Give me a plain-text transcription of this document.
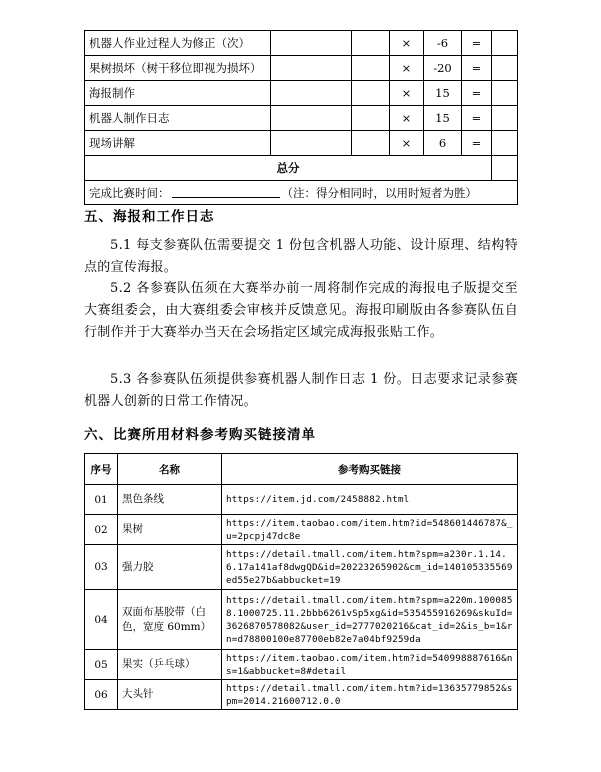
机器人作业过程人为修正（次）			×	-6	=	
果树损坏（树干移位即视为损坏）			×	-20	=	
海报制作			×	15	=	
机器人制作日志			×	15	=	
现场讲解			×	6	=	
总分						
完成比赛时间： （注：得分相同时，以用时短者为胜）						
五、海报和工作日志

5.1 每支参赛队伍需要提交 1 份包含机器人功能、设计原理、结构特点的宣传海报。

5.2 各参赛队伍须在大赛举办前一周将制作完成的海报电子版提交至大赛组委会，由大赛组委会审核并反馈意见。海报印刷版由各参赛队伍自行制作并于大赛举办当天在会场指定区域完成海报张贴工作。

5.3 各参赛队伍须提供参赛机器人制作日志 1 份。日志要求记录参赛机器人创新的日常工作情况。

六、比赛所用材料参考购买链接清单
序号	名称	参考购买链接
01	黑色条线	https://item.jd.com/2458882.html
02	果树	https://item.taobao.com/item.htm?id=548601446787&_u=2pcpj47dc8e
03	强力胶	https://detail.tmall.com/item.htm?spm=a230r.1.14.6.17a141af8dwgQD&id=20223265902&cm_id=140105335569ed55e27b&abbucket=19
04	双面布基胶带（白色，宽度 60mm）	https://detail.tmall.com/item.htm?spm=a220m.1000858.1000725.11.2bbb6261vSp5xg&id=535455916269&skuId=3626870578082&user_id=2777020216&cat_id=2&is_b=1&rn=d78800100e87700eb82e7a04bf9259da
05	果实（乒乓球）	https://item.taobao.com/item.htm?id=540998887616&ns=1&abbucket=8#detail
06	大头针	https://detail.tmall.com/item.htm?id=13635779852&spm=2014.21600712.0.0
